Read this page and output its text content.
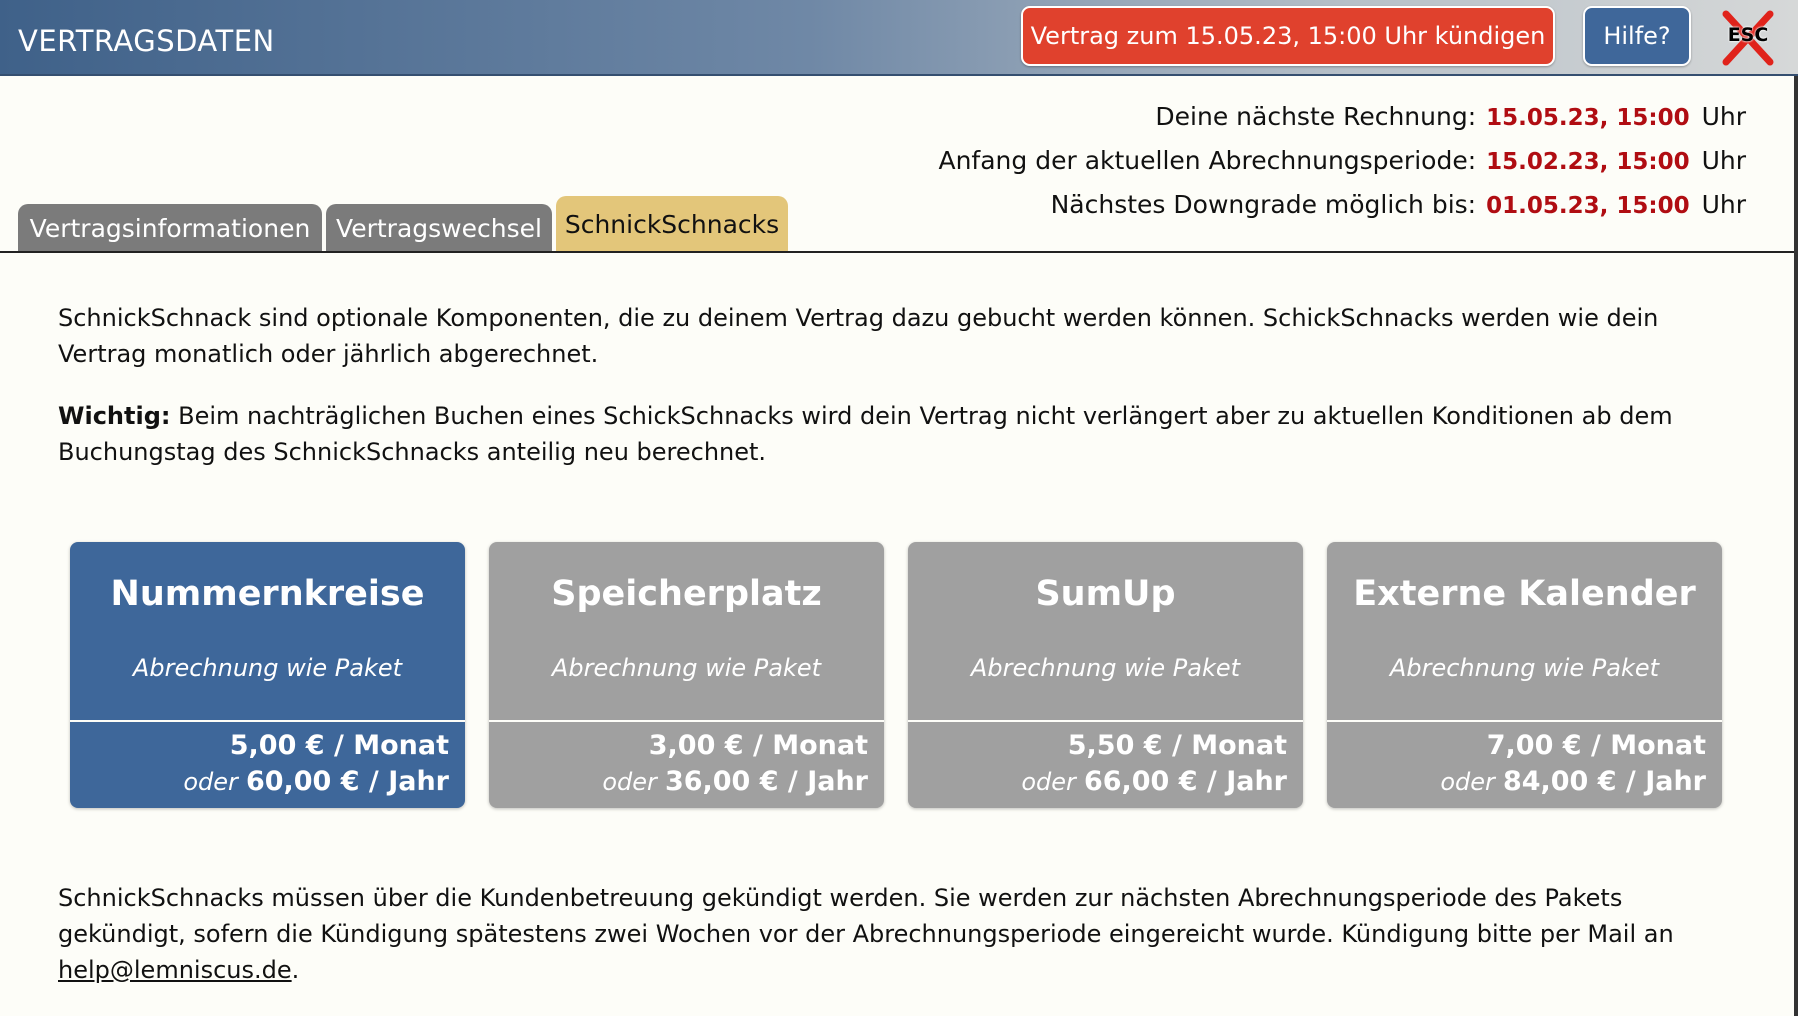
VERTRAGSDATEN	Vertrag zum 15.05.23, 15:00 Uhr kündigen	Hilfe?	ESC
Deine nächste Rechnung: 15.05.23, 15:00 Uhr
Anfang der aktuellen Abrechnungsperiode: 15.02.23, 15:00 Uhr
Nächstes Downgrade möglich bis: 01.05.23, 15:00 Uhr
Vertragsinformationen	Vertragswechsel SchnickSchnacks
SchnickSchnack sind optionale Komponenten, die zu deinem Vertrag dazu gebucht werden können. SchickSchnacks werden wie dein Vertrag monatlich oder jährlich abgerechnet.
Wichtig: Beim nachträglichen Buchen eines SchickSchnacks wird dein Vertrag nicht verlängert aber zu aktuellen Konditionen ab dem Buchungstag des SchnickSchnacks anteilig neu berechnet.
Nummernkreise
Abrechnung wie Paket
5,00 € / Monat
oder 60,00 € / Jahr
Speicherplatz
Abrechnung wie Paket
3,00 € / Monat
oder 36,00 € / Jahr
SumUp
Abrechnung wie Paket
5,50 € / Monat
oder 66,00 € / Jahr
Externe Kalender
Abrechnung wie Paket
7,00 € / Monat
oder 84,00 € / Jahr
SchnickSchnacks müssen über die Kundenbetreuung gekündigt werden. Sie werden zur nächsten Abrechnungsperiode des Pakets gekündigt, sofern die Kündigung spätestens zwei Wochen vor der Abrechnungsperiode eingereicht wurde. Kündigung bitte per Mail an help@lemniscus.de.
